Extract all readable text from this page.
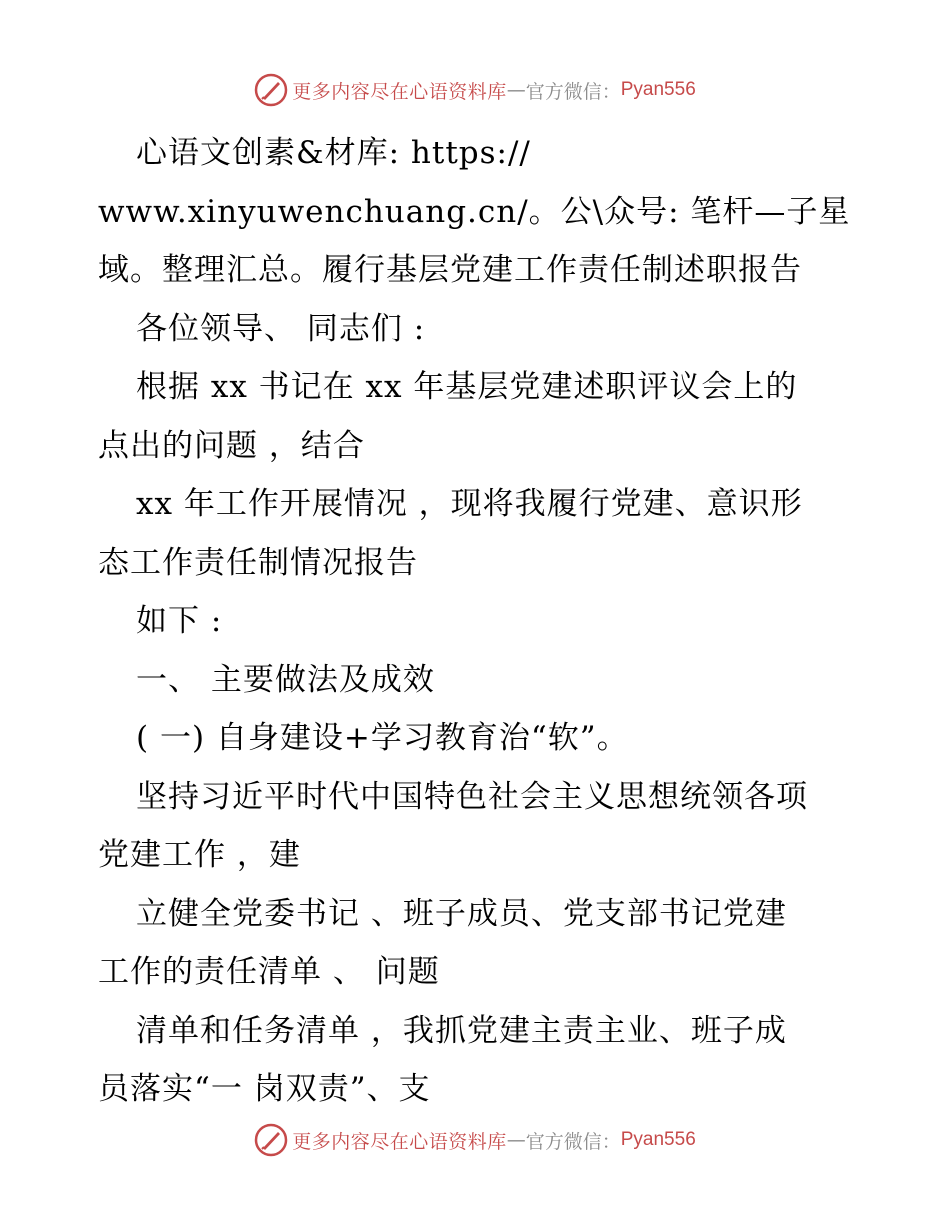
更多内容尽在心语资料库 — 官方微信： Pyan556
心语文创素&材库: https://
www.xinyuwenchuang.cn/。公\众号: 笔杆—子星
域。整理汇总。履行基层党建工作责任制述职报告
各位领导、 同志们 :
根据 xx 书记在 xx 年基层党建述职评议会上的
点出的问题 ，结合
xx 年工作开展情况 ，现将我履行党建、意识形
态工作责任制情况报告
如下 :
一、 主要做法及成效
( 一) 自身建设+学习教育治“软”。
坚持习近平时代中国特色社会主义思想统领各项
党建工作 ，建
立健全党委书记 、班子成员、党支部书记党建
工作的责任清单 、 问题
清单和任务清单 ，我抓党建主责主业、班子成
员落实“一 岗双责”、支
更多内容尽在心语资料库 — 官方微信： Pyan556
